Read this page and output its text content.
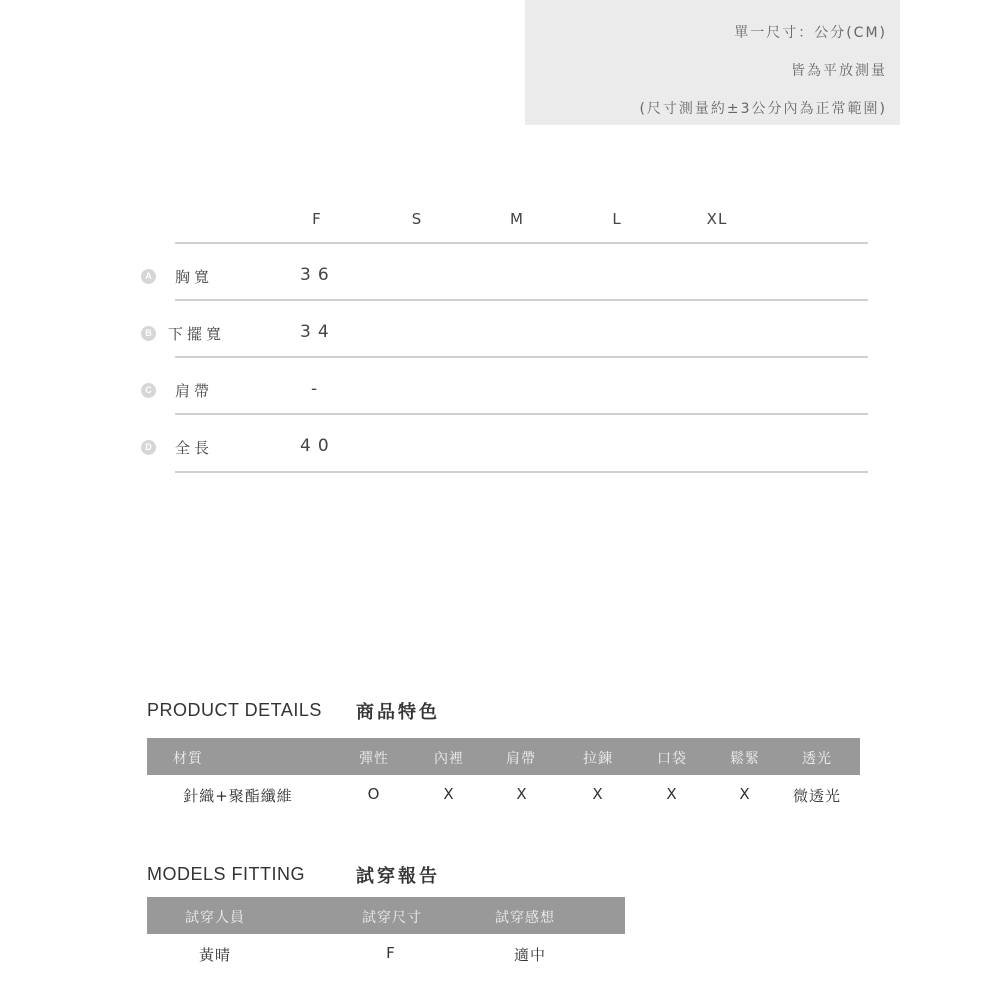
單一尺寸：公分(CM)
皆為平放測量
(尺寸測量約±3公分內為正常範圍)
F	S	M	L	XL
A 胸寬	36
B 下擺寬	34
C 肩帶	-
D 全長	40
PRODUCT DETAILS 商品特色
材質	彈性	內裡	肩帶	拉鍊	口袋	鬆緊	透光
針織+聚酯纖維	O	X	X	X	X	X	微透光
MODELS FITTING	試穿報告
試穿人員	試穿尺寸	試穿感想
黃晴	F	適中
